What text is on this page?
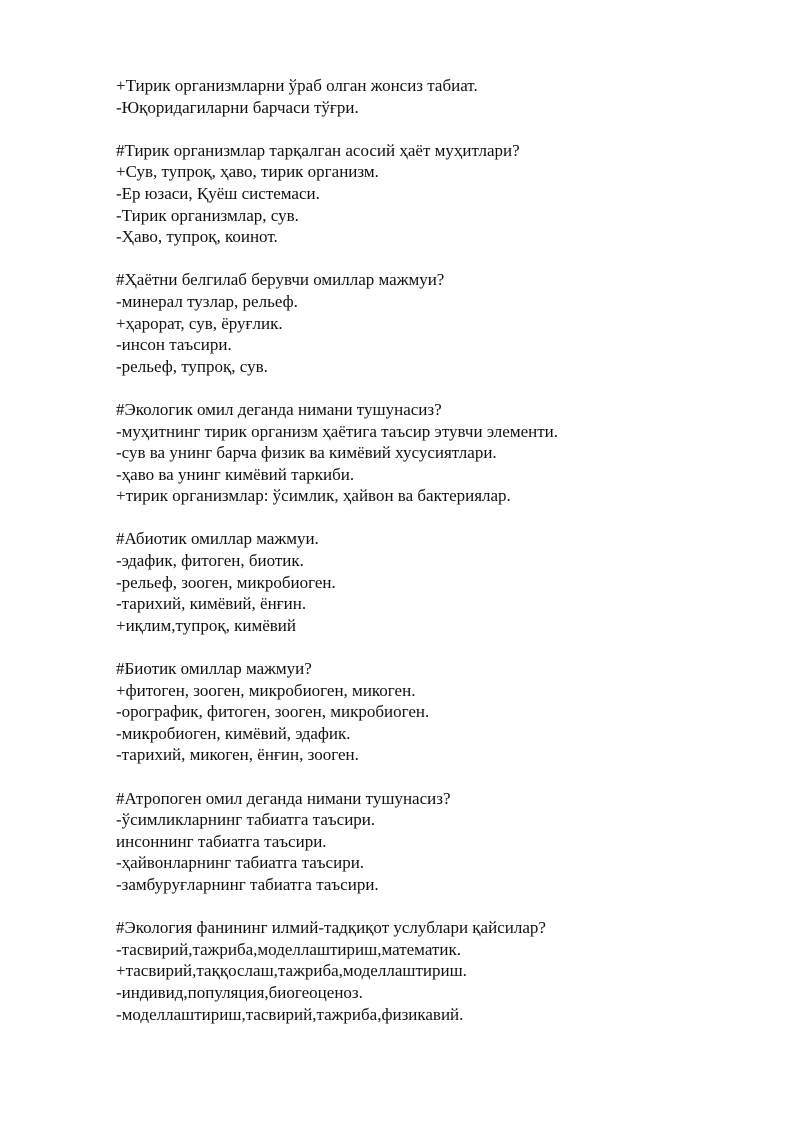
+Тирик организмларни ўраб олган жонсиз табиат.
-Юқоридагиларни барчаси тўғри.
#Тирик организмлар тарқалган асосий ҳаёт муҳитлари?
+Сув, тупроқ, ҳаво, тирик организм.
-Ер юзаси, Қуёш системаси.
-Тирик организмлар, сув.
-Ҳаво, тупроқ, коинот.
#Ҳаётни белгилаб берувчи омиллар мажмуи?
-минерал тузлар, рельеф.
+ҳарорат, сув, ёруғлик.
-инсон таъсири.
-рельеф, тупроқ, сув.
#Экологик омил деганда нимани тушунасиз?
-муҳитнинг тирик организм ҳаётига таъсир этувчи элементи.
-сув ва унинг барча физик ва кимёвий хусусиятлари.
-ҳаво ва унинг кимёвий таркиби.
+тирик организмлар: ўсимлик, ҳайвон ва бактериялар.
#Абиотик омиллар мажмуи.
-эдафик, фитоген, биотик.
-рельеф, зооген, микробиоген.
-тарихий, кимёвий, ёнғин.
+иқлим,тупроқ, кимёвий
#Биотик омиллар мажмуи?
+фитоген, зооген, микробиоген, микоген.
-орографик, фитоген, зооген, микробиоген.
-микробиоген, кимёвий, эдафик.
-тарихий, микоген, ёнғин, зооген.
#Атропоген омил деганда нимани тушунасиз?
-ўсимликларнинг табиатга таъсири.
инсоннинг табиатга таъсири.
-ҳайвонларнинг табиатга таъсири.
-замбуруғларнинг табиатга таъсири.
#Экология фанининг илмий-тадқиқот услублари қайсилар?
-тасвирий,тажриба,моделлаштириш,математик.
+тасвирий,таққослаш,тажриба,моделлаштириш.
-индивид,популяция,биогеоценоз.
-моделлаштириш,тасвирий,тажриба,физикавий.
